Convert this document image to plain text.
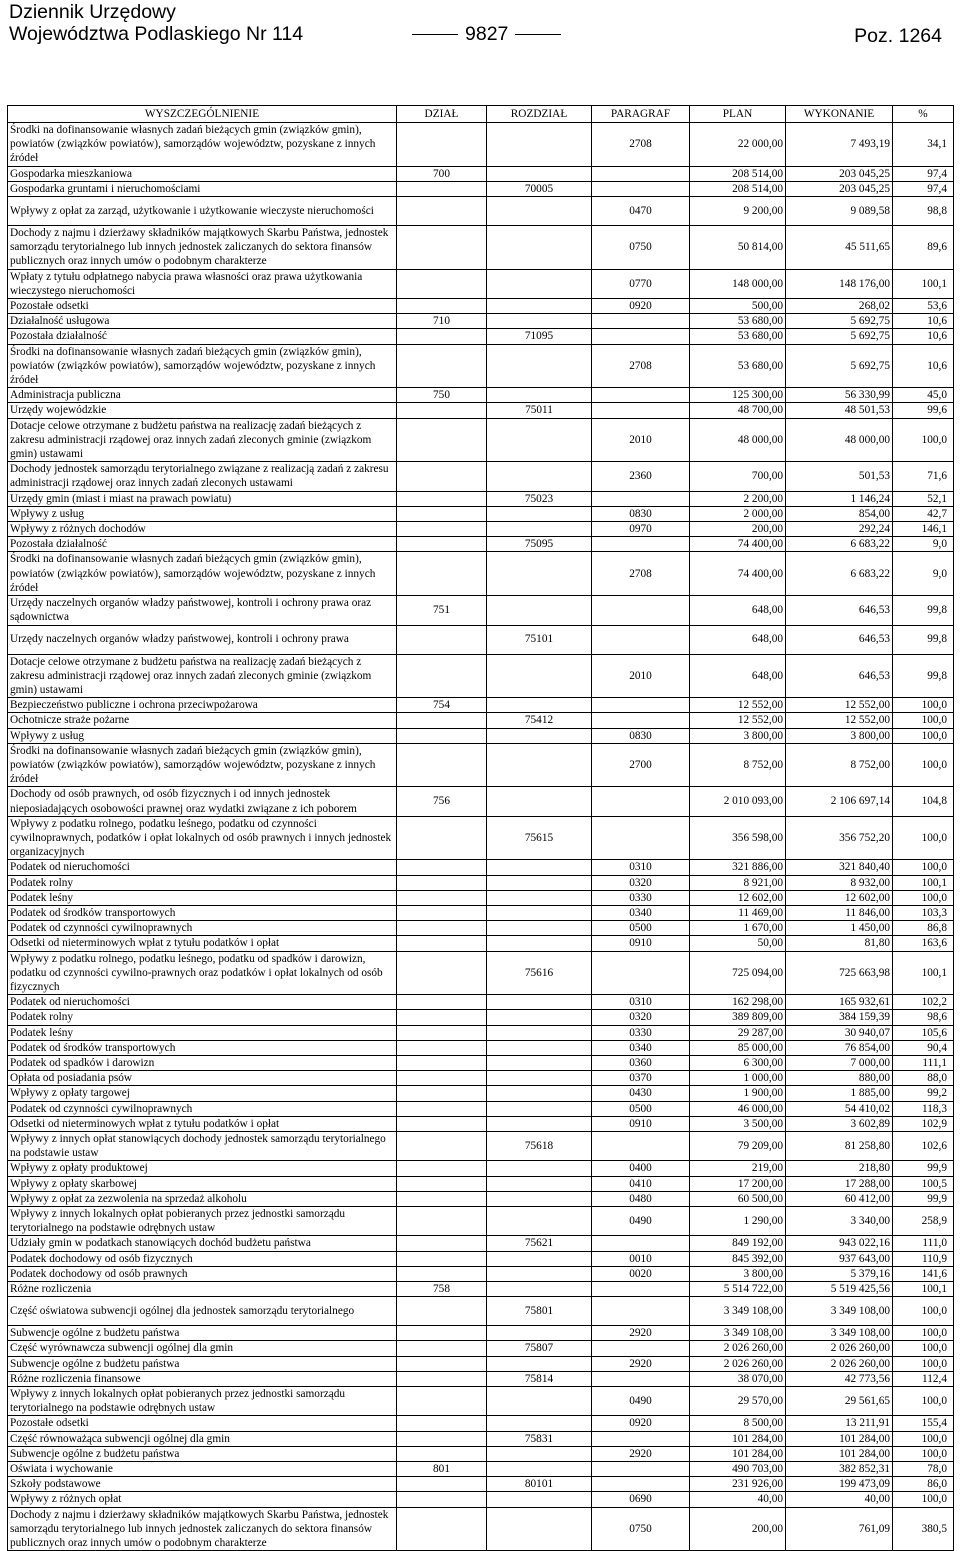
Dziennik Urzędowy
Województwa Podlaskiego Nr 114	9827	Poz. 1264
WYSZCZEGÓLNIENIE	DZIAŁ	ROZDZIAŁ	PARAGRAF	PLAN	WYKONANIE	%
Środki na dofinansowanie własnych zadań bieżących gmin (związków gmin), powiatów (związków powiatów), samorządów województw, pozyskane z innych źródeł			2708	22 000,00	7 493,19	34,1
Gospodarka mieszkaniowa	700			208 514,00	203 045,25	97,4
Gospodarka gruntami i nieruchomościami		70005		208 514,00	203 045,25	97,4
Wpływy z opłat za zarząd, użytkowanie i użytkowanie wieczyste nieruchomości			0470	9 200,00	9 089,58	98,8
Dochody z najmu i dzierżawy składników majątkowych Skarbu Państwa, jednostek samorządu terytorialnego lub innych jednostek zaliczanych do sektora finansów publicznych oraz innych umów o podobnym charakterze			0750	50 814,00	45 511,65	89,6
Wpłaty z tytułu odpłatnego nabycia prawa własności oraz prawa użytkowania wieczystego nieruchomości			0770	148 000,00	148 176,00	100,1
Pozostałe odsetki			0920	500,00	268,02	53,6
Działalność usługowa	710			53 680,00	5 692,75	10,6
Pozostała działalność		71095		53 680,00	5 692,75	10,6
Środki na dofinansowanie własnych zadań bieżących gmin (związków gmin), powiatów (związków powiatów), samorządów województw, pozyskane z innych źródeł			2708	53 680,00	5 692,75	10,6
Administracja publiczna	750			125 300,00	56 330,99	45,0
Urzędy wojewódzkie		75011		48 700,00	48 501,53	99,6
Dotacje celowe otrzymane z budżetu państwa na realizację zadań bieżących z zakresu administracji rządowej oraz innych zadań zleconych gminie (związkom gmin) ustawami			2010	48 000,00	48 000,00	100,0
Dochody jednostek samorządu terytorialnego związane z realizacją zadań z zakresu administracji rządowej oraz innych zadań zleconych ustawami			2360	700,00	501,53	71,6
Urzędy gmin (miast i miast na prawach powiatu)		75023		2 200,00	1 146,24	52,1
Wpływy z usług			0830	2 000,00	854,00	42,7
Wpływy z różnych dochodów			0970	200,00	292,24	146,1
Pozostała działalność		75095		74 400,00	6 683,22	9,0
Środki na dofinansowanie własnych zadań bieżących gmin (związków gmin), powiatów (związków powiatów), samorządów województw, pozyskane z innych źródeł			2708	74 400,00	6 683,22	9,0
Urzędy naczelnych organów władzy państwowej, kontroli i ochrony prawa oraz sądownictwa	751			648,00	646,53	99,8
Urzędy naczelnych organów władzy państwowej, kontroli i ochrony prawa		75101		648,00	646,53	99,8
Dotacje celowe otrzymane z budżetu państwa na realizację zadań bieżących z zakresu administracji rządowej oraz innych zadań zleconych gminie (związkom gmin) ustawami			2010	648,00	646,53	99,8
Bezpieczeństwo publiczne i ochrona przeciwpożarowa	754			12 552,00	12 552,00	100,0
Ochotnicze straże pożarne		75412		12 552,00	12 552,00	100,0
Wpływy z usług			0830	3 800,00	3 800,00	100,0
Środki na dofinansowanie własnych zadań bieżących gmin (związków gmin), powiatów (związków powiatów), samorządów województw, pozyskane z innych źródeł			2700	8 752,00	8 752,00	100,0
Dochody od osób prawnych, od osób fizycznych i od innych jednostek nieposiadających osobowości prawnej oraz wydatki związane z ich poborem	756			2 010 093,00	2 106 697,14	104,8
Wpływy z podatku rolnego, podatku leśnego, podatku od czynności cywilnoprawnych, podatków i opłat lokalnych od osób prawnych i innych jednostek organizacyjnych		75615		356 598,00	356 752,20	100,0
Podatek od nieruchomości			0310	321 886,00	321 840,40	100,0
Podatek rolny			0320	8 921,00	8 932,00	100,1
Podatek leśny			0330	12 602,00	12 602,00	100,0
Podatek od środków transportowych			0340	11 469,00	11 846,00	103,3
Podatek od czynności cywilnoprawnych			0500	1 670,00	1 450,00	86,8
Odsetki od nieterminowych wpłat z tytułu podatków i opłat			0910	50,00	81,80	163,6
Wpływy z podatku rolnego, podatku leśnego, podatku od spadków i darowizn, podatku od czynności cywilno-prawnych oraz podatków i opłat lokalnych od osób fizycznych		75616		725 094,00	725 663,98	100,1
Podatek od nieruchomości			0310	162 298,00	165 932,61	102,2
Podatek rolny			0320	389 809,00	384 159,39	98,6
Podatek leśny			0330	29 287,00	30 940,07	105,6
Podatek od środków transportowych			0340	85 000,00	76 854,00	90,4
Podatek od spadków i darowizn			0360	6 300,00	7 000,00	111,1
Opłata od posiadania psów			0370	1 000,00	880,00	88,0
Wpływy z opłaty targowej			0430	1 900,00	1 885,00	99,2
Podatek od czynności cywilnoprawnych			0500	46 000,00	54 410,02	118,3
Odsetki od nieterminowych wpłat z tytułu podatków i opłat			0910	3 500,00	3 602,89	102,9
Wpływy z innych opłat stanowiących dochody jednostek samorządu terytorialnego na podstawie ustaw		75618		79 209,00	81 258,80	102,6
Wpływy z opłaty produktowej			0400	219,00	218,80	99,9
Wpływy z opłaty skarbowej			0410	17 200,00	17 288,00	100,5
Wpływy z opłat za zezwolenia na sprzedaż alkoholu			0480	60 500,00	60 412,00	99,9
Wpływy z innych lokalnych opłat pobieranych przez jednostki samorządu terytorialnego na podstawie odrębnych ustaw			0490	1 290,00	3 340,00	258,9
Udziały gmin w podatkach stanowiących dochód budżetu państwa		75621		849 192,00	943 022,16	111,0
Podatek dochodowy od osób fizycznych			0010	845 392,00	937 643,00	110,9
Podatek dochodowy od osób prawnych			0020	3 800,00	5 379,16	141,6
Różne rozliczenia	758			5 514 722,00	5 519 425,56	100,1
Część oświatowa subwencji ogólnej dla jednostek samorządu terytorialnego		75801		3 349 108,00	3 349 108,00	100,0
Subwencje ogólne z budżetu państwa			2920	3 349 108,00	3 349 108,00	100,0
Część wyrównawcza subwencji ogólnej dla gmin		75807		2 026 260,00	2 026 260,00	100,0
Subwencje ogólne z budżetu państwa			2920	2 026 260,00	2 026 260,00	100,0
Różne rozliczenia finansowe		75814		38 070,00	42 773,56	112,4
Wpływy z innych lokalnych opłat pobieranych przez jednostki samorządu terytorialnego na podstawie odrębnych ustaw			0490	29 570,00	29 561,65	100,0
Pozostałe odsetki			0920	8 500,00	13 211,91	155,4
Część równoważąca subwencji ogólnej dla gmin		75831		101 284,00	101 284,00	100,0
Subwencje ogólne z budżetu państwa			2920	101 284,00	101 284,00	100,0
Oświata i wychowanie	801			490 703,00	382 852,31	78,0
Szkoły podstawowe		80101		231 926,00	199 473,09	86,0
Wpływy z różnych opłat			0690	40,00	40,00	100,0
Dochody z najmu i dzierżawy składników majątkowych Skarbu Państwa, jednostek samorządu terytorialnego lub innych jednostek zaliczanych do sektora finansów publicznych oraz innych umów o podobnym charakterze			0750	200,00	761,09	380,5
